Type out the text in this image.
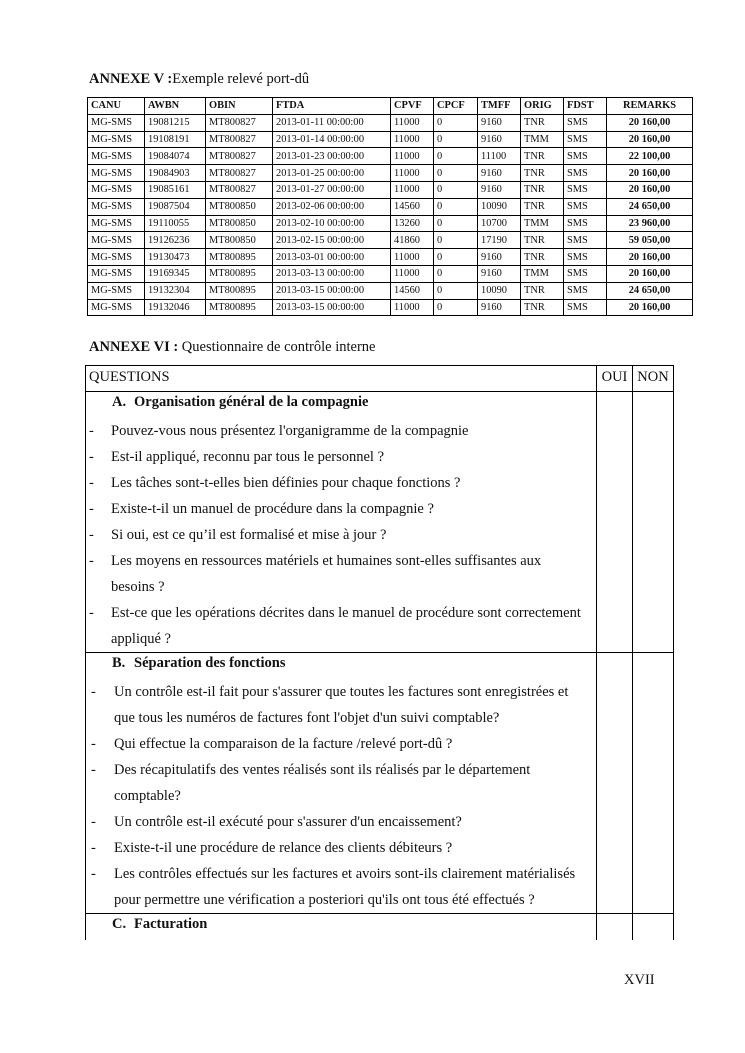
ANNEXE V :Exemple relevé port-dû
CANU	AWBN	OBIN	FTDA	CPVF	CPCF	TMFF	ORIG	FDST	REMARKS
MG-SMS	19081215	MT800827	2013-01-11 00:00:00	11000	0	9160	TNR	SMS	20 160,00
MG-SMS	19108191	MT800827	2013-01-14 00:00:00	11000	0	9160	TMM	SMS	20 160,00
MG-SMS	19084074	MT800827	2013-01-23 00:00:00	11000	0	11100	TNR	SMS	22 100,00
MG-SMS	19084903	MT800827	2013-01-25 00:00:00	11000	0	9160	TNR	SMS	20 160,00
MG-SMS	19085161	MT800827	2013-01-27 00:00:00	11000	0	9160	TNR	SMS	20 160,00
MG-SMS	19087504	MT800850	2013-02-06 00:00:00	14560	0	10090	TNR	SMS	24 650,00
MG-SMS	19110055	MT800850	2013-02-10 00:00:00	13260	0	10700	TMM	SMS	23 960,00
MG-SMS	19126236	MT800850	2013-02-15 00:00:00	41860	0	17190	TNR	SMS	59 050,00
MG-SMS	19130473	MT800895	2013-03-01 00:00:00	11000	0	9160	TNR	SMS	20 160,00
MG-SMS	19169345	MT800895	2013-03-13 00:00:00	11000	0	9160	TMM	SMS	20 160,00
MG-SMS	19132304	MT800895	2013-03-15 00:00:00	14560	0	10090	TNR	SMS	24 650,00
MG-SMS	19132046	MT800895	2013-03-15 00:00:00	11000	0	9160	TNR	SMS	20 160,00
ANNEXE VI : Questionnaire de contrôle interne
QUESTIONS	OUI NON
A. Organisation général de la compagnie
- Pouvez-vous nous présentez l'organigramme de la compagnie
- Est-il appliqué, reconnu par tous le personnel ?
- Les tâches sont-t-elles bien définies pour chaque fonctions ?
- Existe-t-il un manuel de procédure dans la compagnie ?
- Si oui, est ce qu’il est formalisé et mise à jour ?
- Les moyens en ressources matériels et humaines sont-elles suffisantes aux besoins ?
- Est-ce que les opérations décrites dans le manuel de procédure sont correctement appliqué ?
B. Séparation des fonctions
- Un contrôle est-il fait pour s'assurer que toutes les factures sont enregistrées et que tous les numéros de factures font l'objet d'un suivi comptable?
- Qui effectue la comparaison de la facture /relevé port-dû ?
- Des récapitulatifs des ventes réalisés sont ils réalisés par le département comptable?
- Un contrôle est-il exécuté pour s'assurer d'un encaissement?
- Existe-t-il une procédure de relance des clients débiteurs ?
- Les contrôles effectués sur les factures et avoirs sont-ils clairement matérialisés pour permettre une vérification a posteriori qu'ils ont tous été effectués ?
C. Facturation
XVII
